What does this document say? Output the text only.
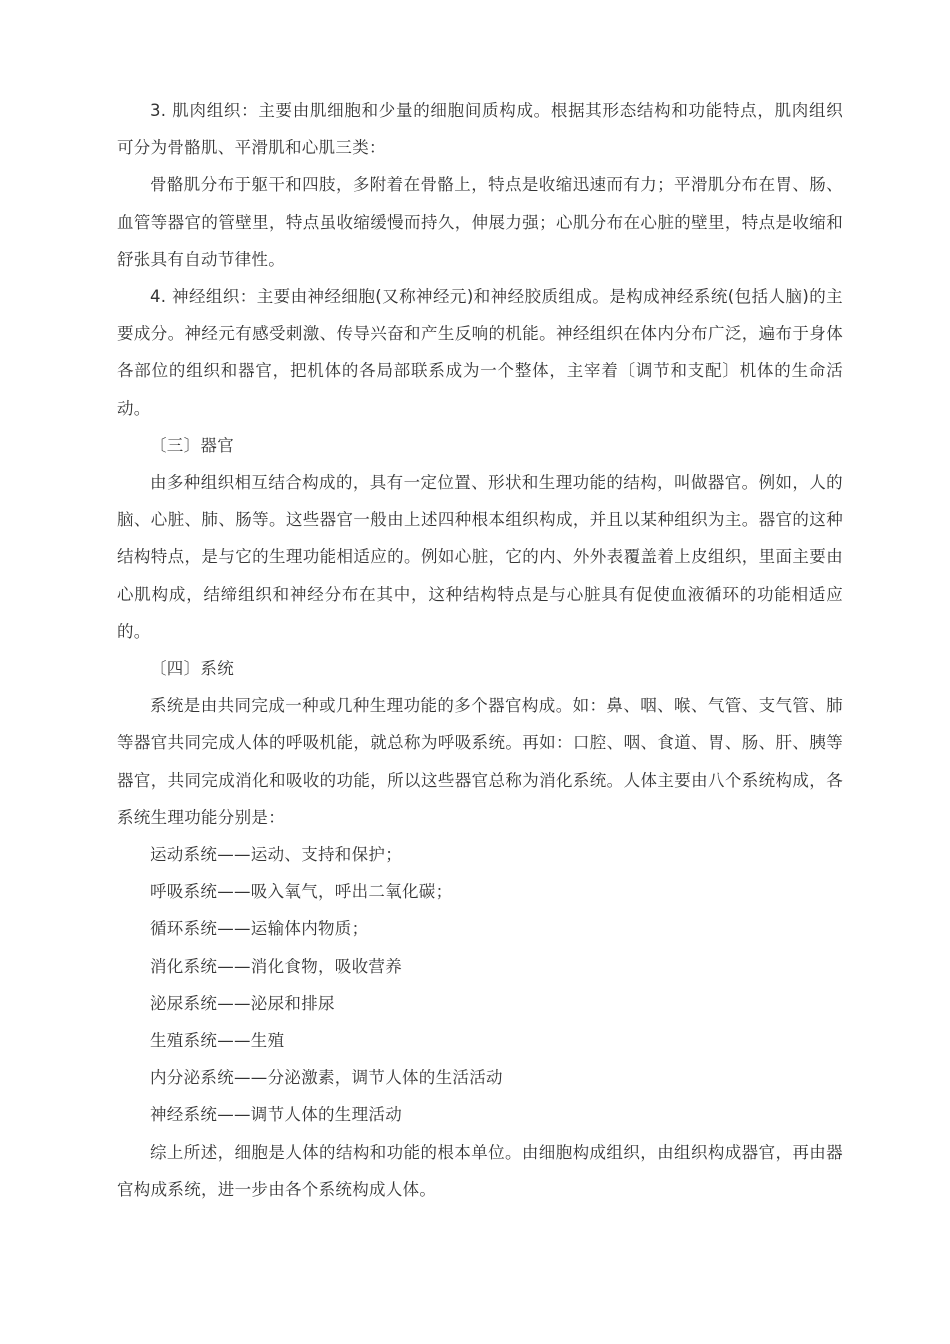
3. 肌肉组织：主要由肌细胞和少量的细胞间质构成。根据其形态结构和功能特点，肌肉组织可分为骨骼肌、平滑肌和心肌三类：

骨骼肌分布于躯干和四肢，多附着在骨骼上，特点是收缩迅速而有力；平滑肌分布在胃、肠、血管等器官的管壁里，特点虽收缩缓慢而持久，伸展力强；心肌分布在心脏的壁里，特点是收缩和舒张具有自动节律性。

4. 神经组织：主要由神经细胞(又称神经元)和神经胶质组成。是构成神经系统(包括人脑)的主要成分。神经元有感受刺激、传导兴奋和产生反响的机能。神经组织在体内分布广泛，遍布于身体各部位的组织和器官，把机体的各局部联系成为一个整体，主宰着〔调节和支配〕机体的生命活动。

〔三〕器官

由多种组织相互结合构成的，具有一定位置、形状和生理功能的结构，叫做器官。例如，人的脑、心脏、肺、肠等。这些器官一般由上述四种根本组织构成，并且以某种组织为主。器官的这种结构特点，是与它的生理功能相适应的。例如心脏，它的内、外外表覆盖着上皮组织，里面主要由心肌构成，结缔组织和神经分布在其中，这种结构特点是与心脏具有促使血液循环的功能相适应的。

〔四〕系统

系统是由共同完成一种或几种生理功能的多个器官构成。如：鼻、咽、喉、气管、支气管、肺等器官共同完成人体的呼吸机能，就总称为呼吸系统。再如：口腔、咽、食道、胃、肠、肝、胰等器官，共同完成消化和吸收的功能，所以这些器官总称为消化系统。人体主要由八个系统构成，各系统生理功能分别是：

运动系统——运动、支持和保护；

呼吸系统——吸入氧气，呼出二氧化碳；

循环系统——运输体内物质；

消化系统——消化食物，吸收营养

泌尿系统——泌尿和排尿

生殖系统——生殖

内分泌系统——分泌激素，调节人体的生活活动

神经系统——调节人体的生理活动

综上所述，细胞是人体的结构和功能的根本单位。由细胞构成组织，由组织构成器官，再由器官构成系统，进一步由各个系统构成人体。
